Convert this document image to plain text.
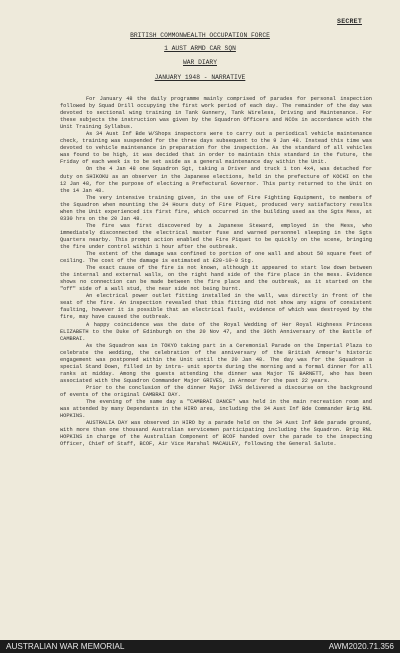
SECRET
BRITISH COMMONWEALTH OCCUPATION FORCE
1 AUST ARMD CAR SQN
WAR DIARY
JANUARY 1948 - NARRATIVE

For January 48 the daily programme mainly comprised of parades for personal inspection followed by Squad Drill occupying the first work period of each day. The remainder of the day was devoted to sectional wing training in Tank Gunnery, Tank Wireless, Driving and Maintenance. For these subjects the instruction was given by the Squadron Officers and NCOs in accordance with the Unit Training Syllabus.

As 34 Aust Inf Bde W/Shops inspectors were to carry out a periodical vehicle maintenance check, training was suspended for the three days subsequent to the 9 Jan 48. Instead this time was devoted to vehicle maintenance in preparation for the inspection. As the standard of all vehicles was found to be high, it was decided that in order to maintain this standard in the future, the Friday of each week is to be set aside as a general maintenance day within the Unit.

On the 4 Jan 48 one Squadron Sgt, taking a Driver and truck 1 ton 4x4, was detached for duty on SHIKOKU as an observer in the Japanese elections, held in the prefecture of KOCHI on the 12 Jan 48, for the purpose of electing a Prefectural Governor. This party returned to the Unit on the 14 Jan 48.

The very intensive training given, in the use of Fire Fighting Equipment, to members of the Squadron when mounting the 24 Hours duty of Fire Piquet, produced very satisfactory results when the Unit experienced its first fire, which occurred in the building used as the Sgts Mess, at 0330 hrs on the 20 Jan 48.

The fire was first discovered by a Japanese Steward, employed in the Mess, who immediately disconnected the electrical master fuse and warned personnel sleeping in the Sgts Quarters nearby. This prompt action enabled the Fire Piquet to be quickly on the scene, bringing the fire under control within 1 hour after the outbreak.

The extent of the damage was confined to portion of one wall and about 50 square feet of ceiling. The cost of the damage is estimated at £20-10-0 Stg.

The exact cause of the fire is not known, although it appeared to start low down between the internal and external walls, on the right hand side of the fire place in the mess. Evidence shows no connection can be made between the fire place and the outbreak, as it started on the "off" side of a wall stud, the near side not being burnt.

An electrical power outlet fitting installed in the wall, was directly in front of the seat of the fire. An inspection revealed that this fitting did not show any signs of consistent faulting, however it is possible that an electrical fault, evidence of which was destroyed by the fire, may have caused the outbreak.

A happy coincidence was the date of the Royal Wedding of Her Royal Highness Princess ELIZABETH to the Duke of Edinburgh on the 20 Nov 47, and the 30th Anniversary of the Battle of CAMBRAI.

As the Squadron was in TOKYO taking part in a Ceremonial Parade on the Imperial Plaza to celebrate the wedding, the celebration of the anniversary of the British Armour's historic engagement was postponed within the Unit until the 20 Jan 48. The day was for the Squadron a special Stand Down, filled in by intra- unit sports during the morning and a formal dinner for all ranks at midday. Among the guests attending the dinner was Major TE BARNETT, who has been associated with the Squadron Commander Major GRIVES, in Armour for the past 22 years.

Prior to the conclusion of the dinner Major IVES delivered a discourse on the background of events of the original CAMBRAI DAY.

The evening of the same day a "CAMBRAI DANCE" was held in the main recreation room and was attended by many Dependants in the HIRO area, including the 34 Aust Inf Bde Commander Brig RNL HOPKINS.

AUSTRALIA DAY was observed in HIRO by a parade held on the 34 Aust Inf Bde parade ground, with more than one thousand Australian servicemen participating including the Squadron. Brig RNL HOPKINS in charge of the Australian Component of BCOF handed over the parade to the inspecting Officer, Chief of Staff, BCOF, Air Vice Marshal MACAULEY, following the General Salute.

AUSTRALIAN WAR MEMORIAL	AWM2020.71.356
